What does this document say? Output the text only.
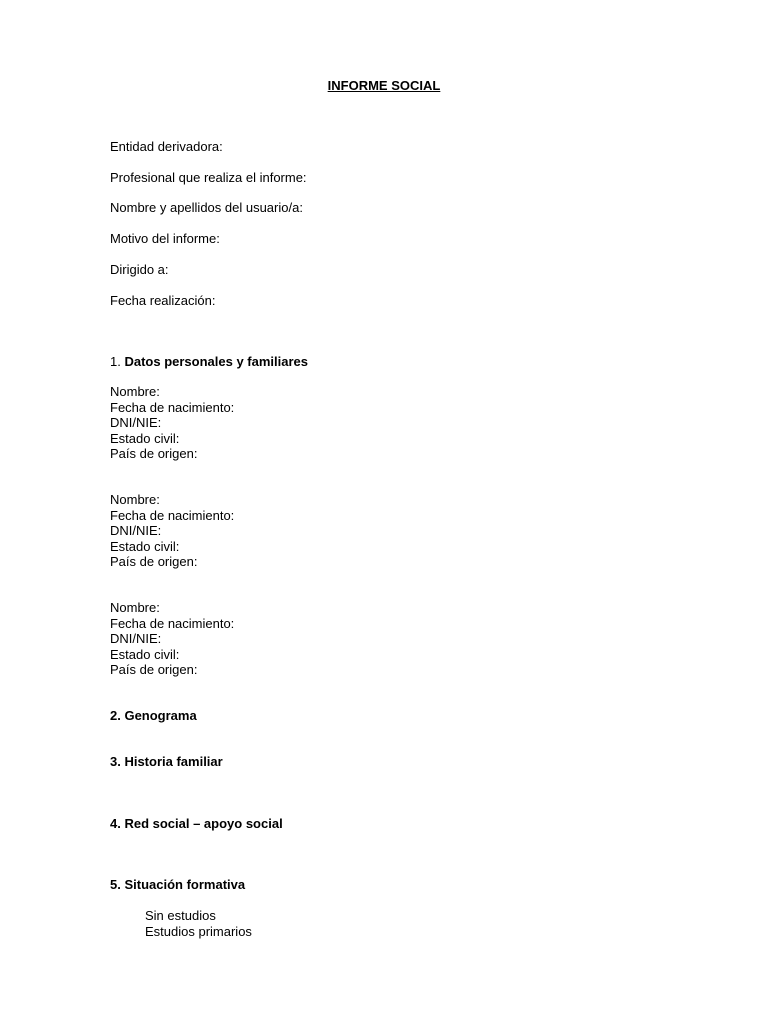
INFORME SOCIAL
Entidad derivadora:
Profesional que realiza el informe:
Nombre y apellidos del usuario/a:
Motivo del informe:
Dirigido a:
Fecha realización:
1. Datos personales y familiares
Nombre:
Fecha de nacimiento:
DNI/NIE:
Estado civil:
País de origen:
Nombre:
Fecha de nacimiento:
DNI/NIE:
Estado civil:
País de origen:
Nombre:
Fecha de nacimiento:
DNI/NIE:
Estado civil:
País de origen:
2. Genograma
3. Historia familiar
4. Red social – apoyo social
5. Situación formativa
Sin estudios
Estudios primarios
